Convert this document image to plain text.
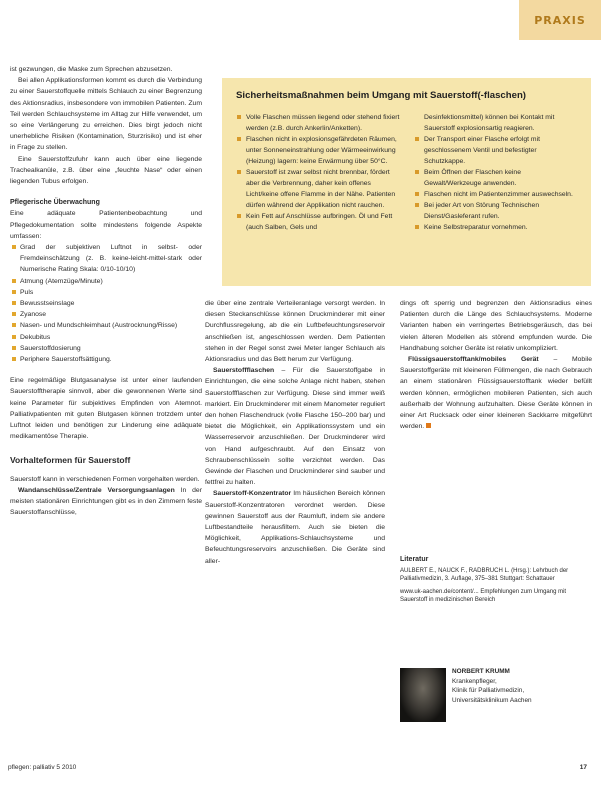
PRAXIS

ist gezwungen, die Maske zum Sprechen abzusetzen.

Bei allen Applikationsformen kommt es durch die Verbindung zu einer Sauerstoffquelle mittels Schlauch zu einer Begrenzung des Aktionsradius, insbesondere von immobilen Patienten. Zum Teil werden Schlauchsysteme im Alltag zur Hilfe verwendet, um so eine Verlängerung zu erreichen. Dies birgt jedoch nicht unerhebliche Risiken (Kontamination, Sturzrisiko) und ist eher in Frage zu stellen.

Eine Sauerstoffzufuhr kann auch über eine liegende Trachealkanüle, z.B. über eine „feuchte Nase“ oder einen liegenden Tubus erfolgen.

Pflegerische Überwachung

Eine adäquate Patientenbeobachtung und Pflegedokumentation sollte mindestens folgende Aspekte umfassen:

Grad der subjektiven Luftnot in selbst- oder Fremdeinschätzung (z. B. keine-leicht-mittel-stark oder Numerische Rating Skala: 0/10-10/10)
Atmung (Atemzüge/Minute)
Puls
Bewusstseinslage
Zyanose
Nasen- und Mundschleimhaut (Austrocknung/Risse)
Dekubitus
Sauerstoffdosierung
Periphere Sauerstoffsättigung.

Eine regelmäßige Blutgasanalyse ist unter einer laufenden Sauerstofftherapie sinnvoll, aber die gewonnenen Werte sind keine Parameter für subjektives Empfinden von Atemnot. Palliativpatienten mit guten Blutgasen können trotzdem unter Luftnot leiden und benötigen zur Linderung eine adäquate medikamentöse Therapie.

Vorhalteformen für Sauerstoff

Sauerstoff kann in verschiedenen Formen vorgehalten werden.

Wandanschlüsse/Zentrale Versorgungsanlagen In der meisten stationären Einrichtungen gibt es in den Zimmern feste Sauerstoffanschlüsse,

Sicherheitsmaßnahmen beim Umgang mit Sauerstoff(-flaschen)
Volle Flaschen müssen liegend oder stehend fixiert werden (z.B. durch Ankerlin/Anketten).
Flaschen nicht in explosionsgefährdeten Räumen, unter Sonneneinstrahlung oder Wärmeeinwirkung (Heizung) lagern: keine Erwärmung über 50°C.
Sauerstoff ist zwar selbst nicht brennbar, fördert aber die Verbrennung, daher kein offenes Licht/keine offene Flamme in der Nähe. Patienten dürfen während der Applikation nicht rauchen.
Kein Fett auf Anschlüsse aufbringen. Öl und Fett (auch Salben, Gels und

Desinfektionsmittel) können bei Kontakt mit Sauerstoff explosionsartig reagieren.

Der Transport einer Flasche erfolgt mit geschlossenem Ventil und befestigter Schutzkappe.
Beim Öffnen der Flaschen keine Gewalt/Werkzeuge anwenden.
Flaschen nicht im Patientenzimmer auswechseln.
Bei jeder Art von Störung Technischen Dienst/Gasleferant rufen.
Keine Selbstreparatur vornehmen.

die über eine zentrale Verteileranlage versorgt werden. In diesen Steckanschlüsse können Druckminderer mit einer Durchflussregelung, ab die ein Luftbefeuchtungsreservoir anschließen ist, angeschlossen werden. Dem Patienten stehen in der Regel sonst zwei Meter langer Schlauch als Aktionsradius und das Bett herum zur Verfügung.

Sauerstoffflaschen – Für die Sauerstoffgabe in Einrichtungen, die eine solche Anlage nicht haben, stehen Sauerstoffflaschen zur Verfügung. Diese sind immer weiß markiert. Ein Druckminderer mit einem Manometer reguliert den hohen Flaschendruck (volle Flasche 150–200 bar) und bietet die Möglichkeit, ein Applikationssystem und ein Wasserreservoir anzuschließen. Der Druckminderer wird von Hand aufgeschraubt. Auf den Einsatz von Schraubenschlüsseln sollte verzichtet werden. Das Gewinde der Flaschen und Druckminderer sind sauber und fettfrei zu halten.

Sauerstoff-Konzentrator Im häuslichen Bereich können Sauerstoff-Konzentratoren verordnet werden. Diese gewinnen Sauerstoff aus der Raumluft, indem sie andere Luftbestandteile herausfiltern. Auch sie bieten die Möglichkeit, Applikations-Schlauchsysteme und Befeuchtungsreservoirs anzuschließen. Die Geräte sind aller-

dings oft sperrig und begrenzen den Aktionsradius eines Patienten durch die Länge des Schlauchsystems. Moderne Varianten haben ein verringertes Betriebsgeräusch, das bei vielen älteren Modellen als störend empfunden wurde. Die Handhabung solcher Geräte ist relativ unkompliziert.

Flüssigsauerstofftank/mobiles Gerät – Mobile Sauerstoffgeräte mit kleineren Füllmengen, die nach Gebrauch an einem stationären Flüssigsauerstofftank wieder befüllt werden können, ermöglichen mobileren Patienten, sich auch außerhalb der Wohnung aufzuhalten. Diese Geräte können in einer Art Rucksack oder einer kleineren Sackkarre mitgeführt werden.

Literatur

AULBERT E., NAUCK F., RADBRUCH L. (Hrsg.): Lehrbuch der Palliativmedizin, 3. Auflage, 375–381 Stuttgart: Schattauer

www.uk-aachen.de/content/... Empfehlungen zum Umgang mit Sauerstoff in medizinischen Bereich

NORBERT KRUMM
Krankenpfleger,
Klinik für Palliativmedizin,
Universitätsklinikum Aachen
pflegen: palliativ 5 2010	17
